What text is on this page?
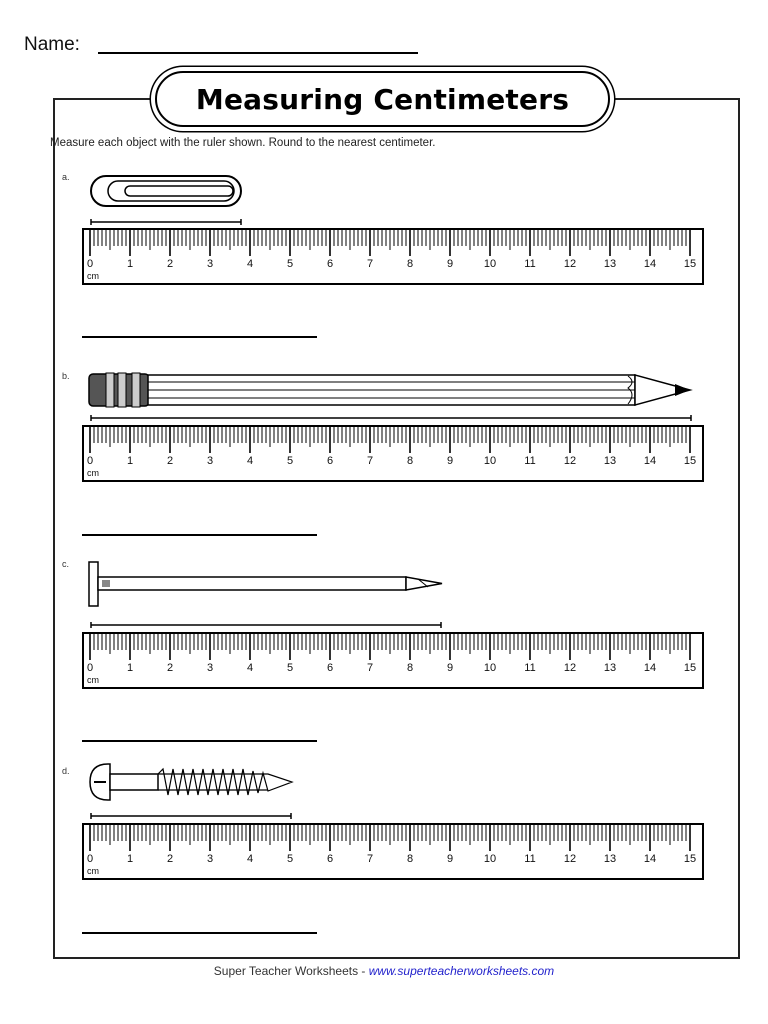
Name:
Measuring Centimeters
Measure each object with the ruler shown. Round to the nearest centimeter.
a.
0	1	2	3	4	5	6	7	8	9	10	11	12	13	14	15
cm
b.
0	1	2	3	4	5	6	7	8	9	10	11	12	13	14	15
cm
c.
0	1	2	3	4	5	6	7	8	9	10	11	12	13	14	15
cm
d.
0	1	2	3	4	5	6	7	8	9	10	11	12	13	14	15
cm
Super Teacher Worksheets - www.superteacherworksheets.com
